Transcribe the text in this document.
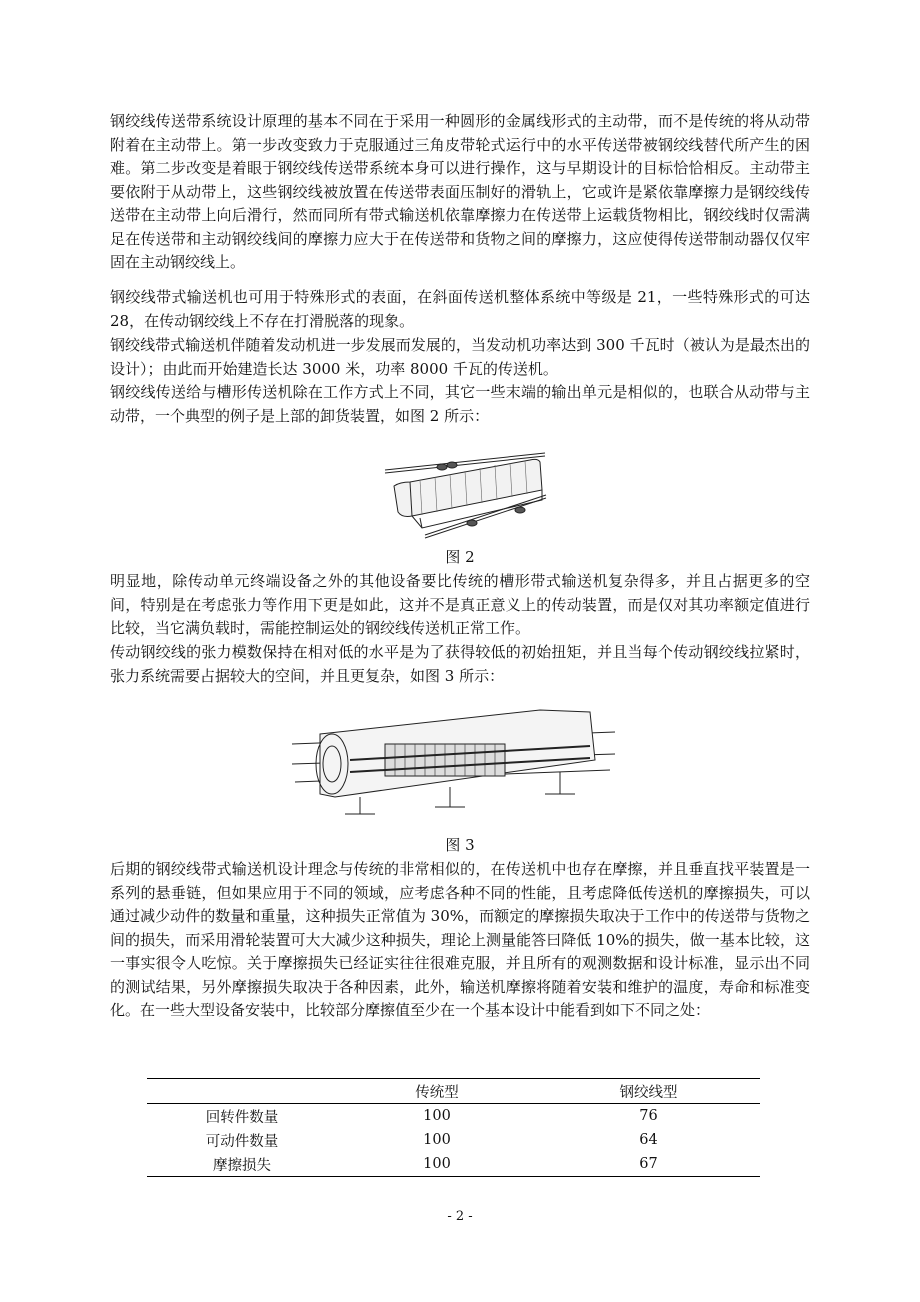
钢绞线传送带系统设计原理的基本不同在于采用一种圆形的金属线形式的主动带，而不是传统的将从动带附着在主动带上。第一步改变致力于克服通过三角皮带轮式运行中的水平传送带被钢绞线替代所产生的困难。第二步改变是着眼于钢绞线传送带系统本身可以进行操作，这与早期设计的目标恰恰相反。主动带主要依附于从动带上，这些钢绞线被放置在传送带表面压制好的滑轨上，它或许是紧依靠摩擦力是钢绞线传送带在主动带上向后滑行，然而同所有带式输送机依靠摩擦力在传送带上运载货物相比，钢绞线时仅需满足在传送带和主动钢绞线间的摩擦力应大于在传送带和货物之间的摩擦力，这应使得传送带制动器仅仅牢固在主动钢绞线上。

钢绞线带式输送机也可用于特殊形式的表面，在斜面传送机整体系统中等级是 21，一些特殊形式的可达 28，在传动钢绞线上不存在打滑脱落的现象。

钢绞线带式输送机伴随着发动机进一步发展而发展的，当发动机功率达到 300 千瓦时（被认为是最杰出的设计）；由此而开始建造长达 3000 米，功率 8000 千瓦的传送机。

钢绞线传送给与槽形传送机除在工作方式上不同，其它一些末端的输出单元是相似的，也联合从动带与主动带，一个典型的例子是上部的卸货装置，如图 2 所示：

图 2

明显地，除传动单元终端设备之外的其他设备要比传统的槽形带式输送机复杂得多，并且占据更多的空间，特别是在考虑张力等作用下更是如此，这并不是真正意义上的传动装置，而是仅对其功率额定值进行比较，当它满负载时，需能控制运处的钢绞线传送机正常工作。

传动钢绞线的张力模数保持在相对低的水平是为了获得较低的初始扭矩，并且当每个传动钢绞线拉紧时，张力系统需要占据较大的空间，并且更复杂，如图 3 所示：

图 3

后期的钢绞线带式输送机设计理念与传统的非常相似的，在传送机中也存在摩擦，并且垂直找平装置是一系列的悬垂链，但如果应用于不同的领域，应考虑各种不同的性能，且考虑降低传送机的摩擦损失，可以通过减少动件的数量和重量，这种损失正常值为 30%，而额定的摩擦损失取决于工作中的传送带与货物之间的损失，而采用滑轮装置可大大减少这种损失，理论上测量能答曰降低 10%的损失，做一基本比较，这一事实很令人吃惊。关于摩擦损失已经证实往往很难克服，并且所有的观测数据和设计标准，显示出不同的测试结果，另外摩擦损失取决于各种因素，此外，输送机摩擦将随着安装和维护的温度，寿命和标准变化。在一些大型设备安装中，比较部分摩擦值至少在一个基本设计中能看到如下不同之处：

	传统型	钢绞线型
回转件数量	100	76
可动件数量	100	64
摩擦损失	100	67
- 2 -
